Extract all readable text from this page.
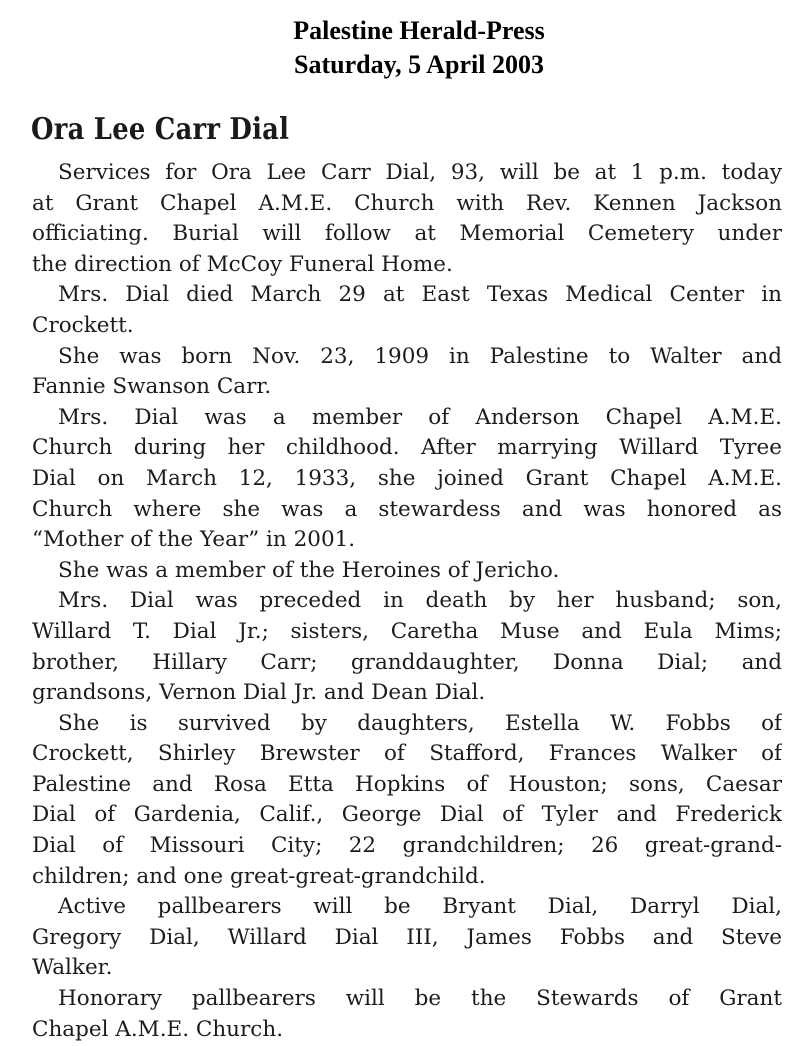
Palestine Herald-Press
Saturday, 5 April 2003
Ora Lee Carr Dial
Services for Ora Lee Carr Dial, 93, will be at 1 p.m. today
at Grant Chapel A.M.E. Church with Rev. Kennen Jackson
officiating. Burial will follow at Memorial Cemetery under
the direction of McCoy Funeral Home.
Mrs. Dial died March 29 at East Texas Medical Center in
Crockett.
She was born Nov. 23, 1909 in Palestine to Walter and
Fannie Swanson Carr.
Mrs. Dial was a member of Anderson Chapel A.M.E.
Church during her childhood. After marrying Willard Tyree
Dial on March 12, 1933, she joined Grant Chapel A.M.E.
Church where she was a stewardess and was honored as
“Mother of the Year” in 2001.
She was a member of the Heroines of Jericho.
Mrs. Dial was preceded in death by her husband; son,
Willard T. Dial Jr.; sisters, Caretha Muse and Eula Mims;
brother, Hillary Carr; granddaughter, Donna Dial; and
grandsons, Vernon Dial Jr. and Dean Dial.
She is survived by daughters, Estella W. Fobbs of
Crockett, Shirley Brewster of Stafford, Frances Walker of
Palestine and Rosa Etta Hopkins of Houston; sons, Caesar
Dial of Gardenia, Calif., George Dial of Tyler and Frederick
Dial of Missouri City; 22 grandchildren; 26 great-grand-
children; and one great-great-grandchild.
Active pallbearers will be Bryant Dial, Darryl Dial,
Gregory Dial, Willard Dial III, James Fobbs and Steve
Walker.
Honorary pallbearers will be the Stewards of Grant
Chapel A.M.E. Church.
